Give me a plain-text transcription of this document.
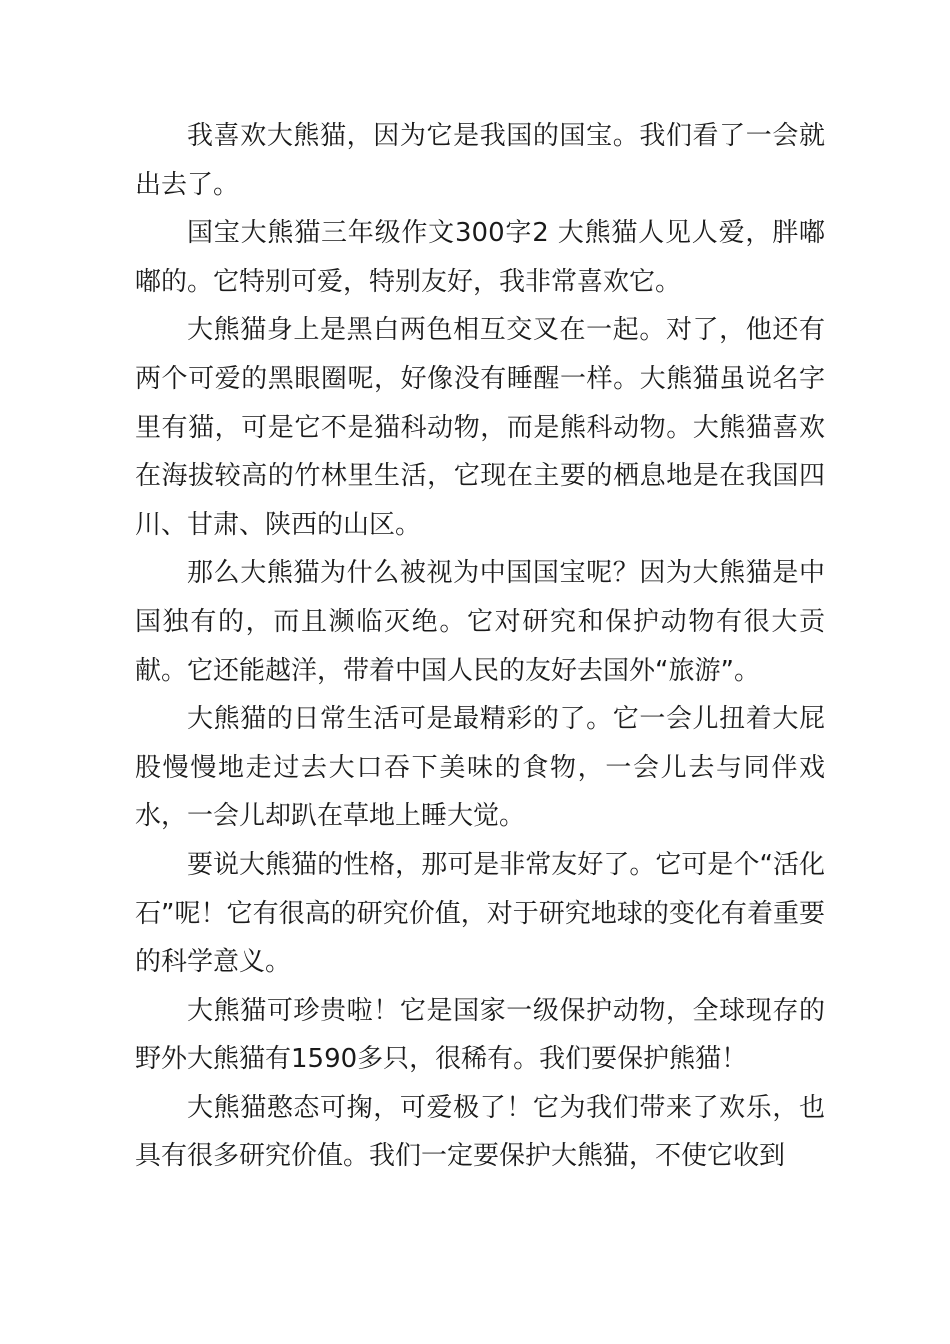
我喜欢大熊猫，因为它是我国的国宝。我们看了一会就出去了。

国宝大熊猫三年级作文300字2 大熊猫人见人爱，胖嘟嘟的。它特别可爱，特别友好，我非常喜欢它。

大熊猫身上是黑白两色相互交叉在一起。对了，他还有两个可爱的黑眼圈呢，好像没有睡醒一样。大熊猫虽说名字里有猫，可是它不是猫科动物，而是熊科动物。大熊猫喜欢在海拔较高的竹林里生活，它现在主要的栖息地是在我国四川、甘肃、陕西的山区。

那么大熊猫为什么被视为中国国宝呢？因为大熊猫是中国独有的，而且濒临灭绝。它对研究和保护动物有很大贡献。它还能越洋，带着中国人民的友好去国外“旅游”。

大熊猫的日常生活可是最精彩的了。它一会儿扭着大屁股慢慢地走过去大口吞下美味的食物，一会儿去与同伴戏水，一会儿却趴在草地上睡大觉。

要说大熊猫的性格，那可是非常友好了。它可是个“活化石”呢！它有很高的研究价值，对于研究地球的变化有着重要的科学意义。

大熊猫可珍贵啦！它是国家一级保护动物，全球现存的野外大熊猫有1590多只，很稀有。我们要保护熊猫！

大熊猫憨态可掬，可爱极了！它为我们带来了欢乐，也具有很多研究价值。我们一定要保护大熊猫，不使它收到
